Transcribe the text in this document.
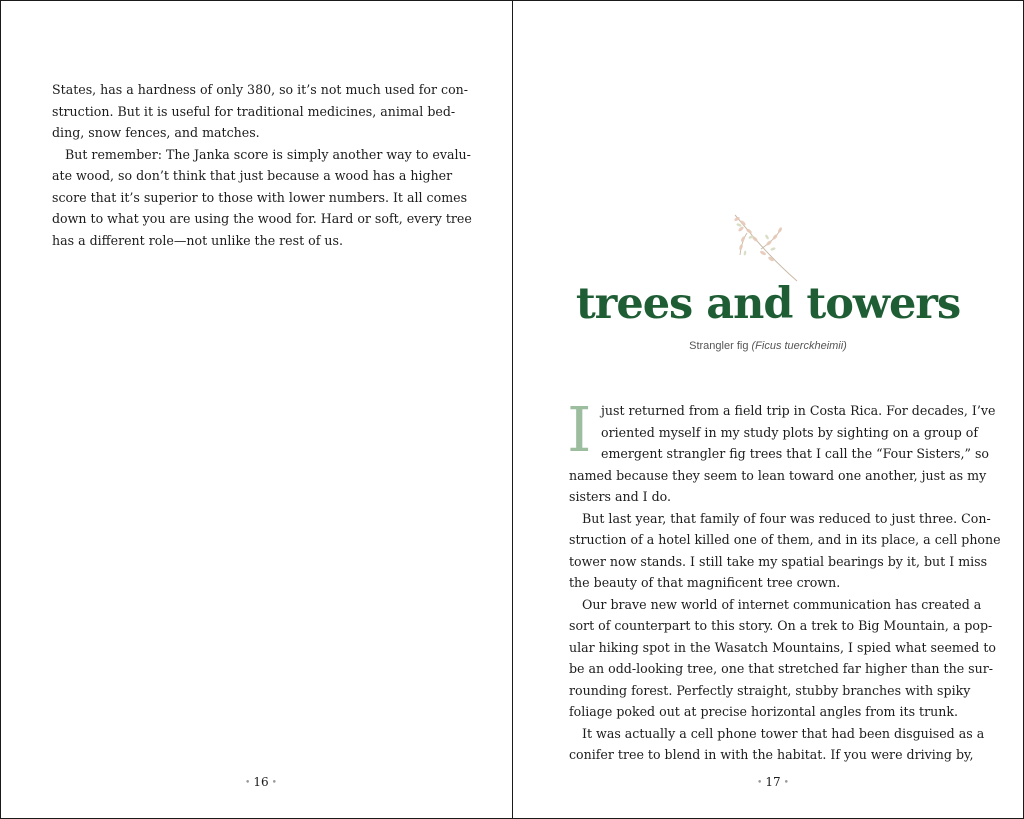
States, has a hardness of only 380, so it’s not much used for con-
struction. But it is useful for traditional medicines, animal bed-
ding, snow fences, and matches.
But remember: The Janka score is simply another way to evalu-
ate wood, so don’t think that just because a wood has a higher
score that it’s superior to those with lower numbers. It all comes
down to what you are using the wood for. Hard or soft, every tree
has a different role—not unlike the rest of us.
• 16 •
trees and towers
Strangler fig (Ficus tuerckheimii)
I just returned from a field trip in Costa Rica. For decades, I’ve
oriented myself in my study plots by sighting on a group of
emergent strangler fig trees that I call the “Four Sisters,” so
named because they seem to lean toward one another, just as my
sisters and I do.
But last year, that family of four was reduced to just three. Con-
struction of a hotel killed one of them, and in its place, a cell phone
tower now stands. I still take my spatial bearings by it, but I miss
the beauty of that magnificent tree crown.
Our brave new world of internet communication has created a
sort of counterpart to this story. On a trek to Big Mountain, a pop-
ular hiking spot in the Wasatch Mountains, I spied what seemed to
be an odd-looking tree, one that stretched far higher than the sur-
rounding forest. Perfectly straight, stubby branches with spiky
foliage poked out at precise horizontal angles from its trunk.
It was actually a cell phone tower that had been disguised as a
conifer tree to blend in with the habitat. If you were driving by,
• 17 •
